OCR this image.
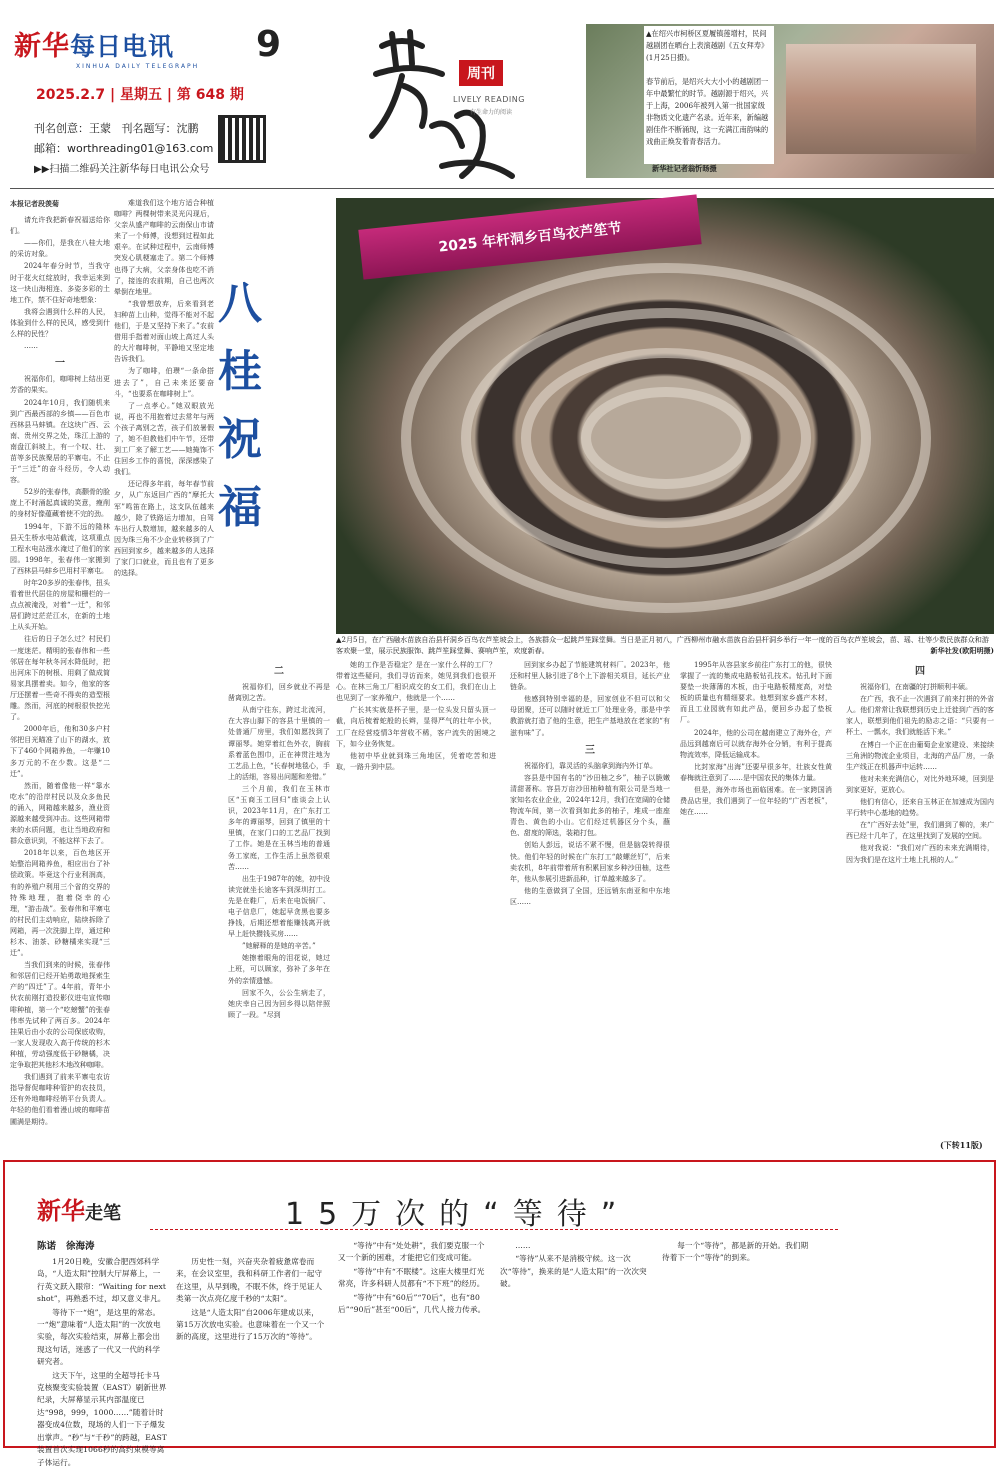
新华每日电讯
XINHUA DAILY TELEGRAPH
9
2025.2.7 | 星期五 | 第 648 期
刊名创意：王蒙 刊名题写：沈鹏
邮箱：worthreading01@163.com
▶▶扫描二维码关注新华每日电讯公众号
周刊
LIVELY READING
有生命力的阅读
▲在绍兴市柯桥区夏履镇莲增村，民间越剧团在晒台上表演越剧《五女拜寿》(1月25日摄)。

春节前后，是绍兴大大小小的越剧团一年中最繁忙的时节。越剧源于绍兴，兴于上海，2006年被列入第一批国家级非物质文化遗产名录。近年来，新编越剧佳作不断涌现，这一充满江南韵味的戏曲正焕发着青春活力。
新华社记者翁忻旸摄
本报记者段羡菊

请允许我把新春祝福送给你们。

——你们，是我在八桂大地的采访对象。

2024年春分时节，当我守时于花火红绽放时，我幸运来到这一块山海相连、多姿多彩的土地工作，禁不住好奇地想象：

我将会遇到什么样的人民，体验到什么样的民风，感受到什么样的民性？

……

一

祝福你们，咖啡树上结出更芳香的果实。

2024年10月，我们随机来到广西最西部的乡镇——百色市西林县马蚌镇。在这块广西、云南、贵州交界之处，珠江上游的南盘江斜坡上，有一个叹、壮、苗等多民族聚居的平寨屯。不止于“三迁”的奋斗经历，令人动容。

52岁的张春伟，高颧骨的脸庞上不时涌起真诚的笑意，瘦削的身材好像蕴藏着使不完的劲。

1994年，下游不远的隆林县天生桥水电站截流，这项重点工程水电站涨水淹过了他们的家园。1998年，张春伟一家搬到了西林县马蚌乡巴用村平寨屯。

时年20多岁的张春伟，扭头看着世代居住的房屋和栅栏的一点点被淹没，对着“一迁”，和邻居们跨过茫茫江水，在新的土地上从头开始。

往后的日子怎么过？村民们一度迷茫。精明的张春伟和一些邻居在每年秋冬河水降低时，把出河床下的树根、用剩了做成简易家具摆着卖。如今，他家的客厅还摆着一些奇不得卖的造型根雕。然而，河底的树根很快挖光了。

2000年后，他和30多户村邻把目光瞄准了山下的湖水，放下了460个网箱养鱼，一年赚10多万元的不在少数。这是“二迁”。

然而，随着像他一样“靠水吃水”的沿岸村民以及众多鱼民的涌入，网箱越来越多，渔业资源越来越受到冲击。这些网箱带来的水质问题，也让当地政府和群众意识到，不能这样下去了。

2018年以来，百色地区开始整治网箱养鱼，相应出台了补偿政策。毕竟这个行业利润高，有的养殖户利用三个省的交界的特殊地理，抱着侥幸的心理，“游击战”。张春伟和平寨屯的村民们主动响应，陆续拆除了网箱，再一次洗脚上岸，通过种杉木、油茶、砂糖橘来实现“三迁”。

当我们到来的时候，张春伟和邻居们已经开始勇敢地探索生产的“四迁”了。4年前，青年小伙农前刚打造投影仪进屯宣传咖啡种植，第一个“吃螃蟹”的张春伟率先试种了两百多。2024年挂果后由小农的公司保底收购，一家人发现收入高于传统的杉木种植，劳动强度低于砂糖橘，决定争取把其他杉木地改种咖啡。

我们遇到了前来平寨屯农访指导督促咖啡种管护的农技员，还有外地咖啡经销平台负责人。年轻的他们看着漫山坡的咖啡苗圃满是期待。

难道我们这个地方适合种植咖啡？两棵树带来灵光闪现后，父亲从盛产咖啡的云南保山市请来了一个师傅，没想到过程如此艰辛。在试种过程中，云南师傅突发心肌梗塞走了。第二个师傅也得了大病，父亲身体也吃不消了，接连的农前期，自己也两次晕倒在地里。

“我曾想放弃，后来看到老妇种苗上山种，觉得不能对不起他们，于是又坚持下来了。”农前借用手指着对面山坡上高过人头的大片咖啡树，平静地又坚定地告诉我们。

为了咖啡，伯瓒“一条命搭进去了”，自己未来还要奋斗，“也要系在咖啡树上”。

了一点孝心。”她双眼放光说，再也不用抱着过去常年与两个孩子离别之苦，孩子们放暑假了，她不但教他们中午节，还带到工厂来了解工艺——她掩饰不住回乡工作的喜悦，深深感染了我们。

还记得多年前，每年春节前夕，从广东返回广西的“摩托大军”鸣笛在路上，这支队伍越来越少，除了铁路运力增加，自驾车出行人数增加，越来越多的人因为珠三角不少企业转移到了广西回到家乡，越来越多的人选择了家门口就业，而且也有了更多的选择。

八
桂
祝
福
2025 年杆洞乡百鸟衣芦笙节
▲2月5日，在广西融水苗族自治县杆洞乡百鸟衣芦笙坡会上，各族群众一起跳芦笙踩堂舞。当日是正月初八，广西柳州市融水苗族自治县杆洞乡举行一年一度的百鸟衣芦笙坡会，苗、瑶、壮等少数民族群众和游客欢聚一堂，展示民族服饰、跳芦笙踩堂舞、赛响芦笙，欢度新春。	新华社发(欧阳明摄)
二

祝福你们，回乡就业不再是凿离别之苦。

从南宁往东，跨过北流河，在大容山脚下的容县十里镇的一处普通厂房里，我们如愿找到了谭丽琴。她穿着红色外衣，胸前系着蓝色围巾，正在神贯注地为工艺品上色，“长春树地毯心，手上的活细，容易出问题和差错。”

三个月前，我们在玉林市区“玉商玉工回归”座谈会上认识，2023年11月，在广东打工多年的谭丽琴，回到了镇里的十里镇，在家门口的工艺品厂找到了工作。她是在玉林当地的普通务工家庭，工作生活上虽然很艰苦……

出生于1987年的她，初中没读完就坐长途客车到深圳打工。先是在鞋厂，后来在电饭锅厂、电子信息厂，她起早贪黑也要多挣钱，后期还想着能赚钱离开就早上赶快攒钱买房……

”她解释的是她的辛苦。”

她擦着眼角的泪花说，她过上班，可以顾家，弥补了多年在外的亲情遗憾。

回家不久，公公生病走了，她庆幸自己因为回乡得以陪伴照顾了一段。“尽到

她的工作是否稳定？是在一家什么样的工厂？带着这些疑问，我们寻访而来，她见到我们也很开心。在林三角工厂相识成交的女工们，我们在山上也见到了一家养殖户，他就是一个……

广长其实就是杯子里，是一位头发只留头顶一截，向后梳着蛇般的长辫，显得严气的壮年小伙，工厂在经营疫情3年营收不稀，客户流失的困境之下，如今业务恢复。

他初中毕业就到珠三角地区，凭着吃苦和进取，一路升到中层。

回到家乡办起了节能建筑材料厂。2023年，他还和村里人脉引进了8个上下游相关项目，延长产业链条。

他感到特别幸福的是，回家创业不但可以和父母团聚，还可以随时就近工厂处理业务，那是中学教游就打造了他的生意，把生产基地放在老家的“有滋有味”了。

三

祝福你们，靠灵活的头脑拿到海内外订单。

容县是中国有名的“沙田柚之乡”，柚子以脆嫩清甜著称。容县万亩沙田柚种植有限公司是当地一家知名农业企业，2024年12月，我们在宽阔的仓储物流车间，第一次看到如此多的柚子，堆成一座座青色、黄色的小山。它们经过机器区分个头，蘸色、甜度的筛选，装箱打包。

创始人彭远，说话不紧不慢，但是脑袋转得很快。他们年轻的时候在广东打工“敲螺丝钉”，后来卖农机，8年前带着所有积累回家乡种沙田柚，这些年，他从参展引进新品种，订单越来越多了。

他的生意做到了全国，还远销东南亚和中东地区……

1995年从容县家乡前往广东打工的他，很快掌握了一流的集成电路板钻孔技术。钻孔时下面要垫一块薄薄的木板，由于电路板精度高，对垫板的质量也有精细要求。他想到家乡盛产木材，而且工业园就有如此产品，便回乡办起了垫板厂。

2024年，他的公司在越南建立了海外仓，产品远到越南后可以就存海外仓分销，有利于提高物流效率，降低运输成本。

比封家海“出海”还要早很多年，壮族女性黄春梅就注意到了……是中国农民的集体力量。

但是，海外市场也面临困难。在一家跨国消费品店里，我们遇到了一位年轻的“广西老板”，她在……

四

祝福你们，在南疆的打拼顺利丰硕。

在广西，我不止一次遇到了前来打拼的外省人。他们常常让我联想到历史上迁徙到广西的客家人，联想到他们祖先的励志之语：“只要有一杯土、一瓢水，我们就能活下来。”

在博白一个正在由葡萄企业家建设、来接续三角洲的物流企业项目，北海的产品厂房，一条生产线正在机器声中运转……

他对未来充满信心，对比外地环境，回到是到家更好，更放心。

他们有信心，还来自玉林正在加速成为国内平行转中心基地的趋势。

在“广西好去处”里，我们遇到了柳的，来广西已经十几年了，在这里找到了发展的空间。

他对我说：“我们对广西的未来充满期待，因为我们是在这片土地上扎根的人。”

(下转11版)
新华走笔	15万次的“等待”
陈诺 徐海涛

1月20日晚，安徽合肥西郊科学岛，“人造太阳”控制大厅屏幕上，一行英文跃入眼帘：“Waiting for next shot”，再熟悉不过，却又意义非凡。

等待下一“炮”，是这里的常态。一“炮”意味着“人造太阳”的一次放电实验，每次实验结束，屏幕上都会出现这句话，迷惑了一代又一代的科学研究者。

这天下午，这里的全超导托卡马克核聚变实验装置（EAST）刷新世界纪录，大屏幕显示其内部温度已达“998，999，1000……”随着计时器变成4位数，现场的人们一下子爆发出掌声。“秒”与“千秒”的跨越，EAST装置首次实现1066秒的高约束模等离子体运行。

历史性一刻，兴奋夹杂着疲惫席卷而来，在会议室里，我和科研工作者们一起守在这里，从早到晚，不眠不休，终于见证人类第一次点亮亿度千秒的“太阳”。

这是“人造太阳”自2006年建成以来，第15万次放电实验。也意味着在一个又一个新的高度，这里进行了15万次的“等待”。

“等待”中有“处处耕”，我们要克服一个又一个新的困难，才能把它们变成可能。

“等待”中有“不眠楼”。这座大楼里灯光常亮，许多科研人员都有“不下班”的经历。

“等待”中有“60后”“70后”，也有“80后”“90后”甚至“00后”，几代人接力传承。

……

“等待”从来不是消极守候。这一次次“等待”，换来的是“人造太阳”的一次次突破。

每一个“等待”，都是新的开始。我们期待着下一个“等待”的到来。
